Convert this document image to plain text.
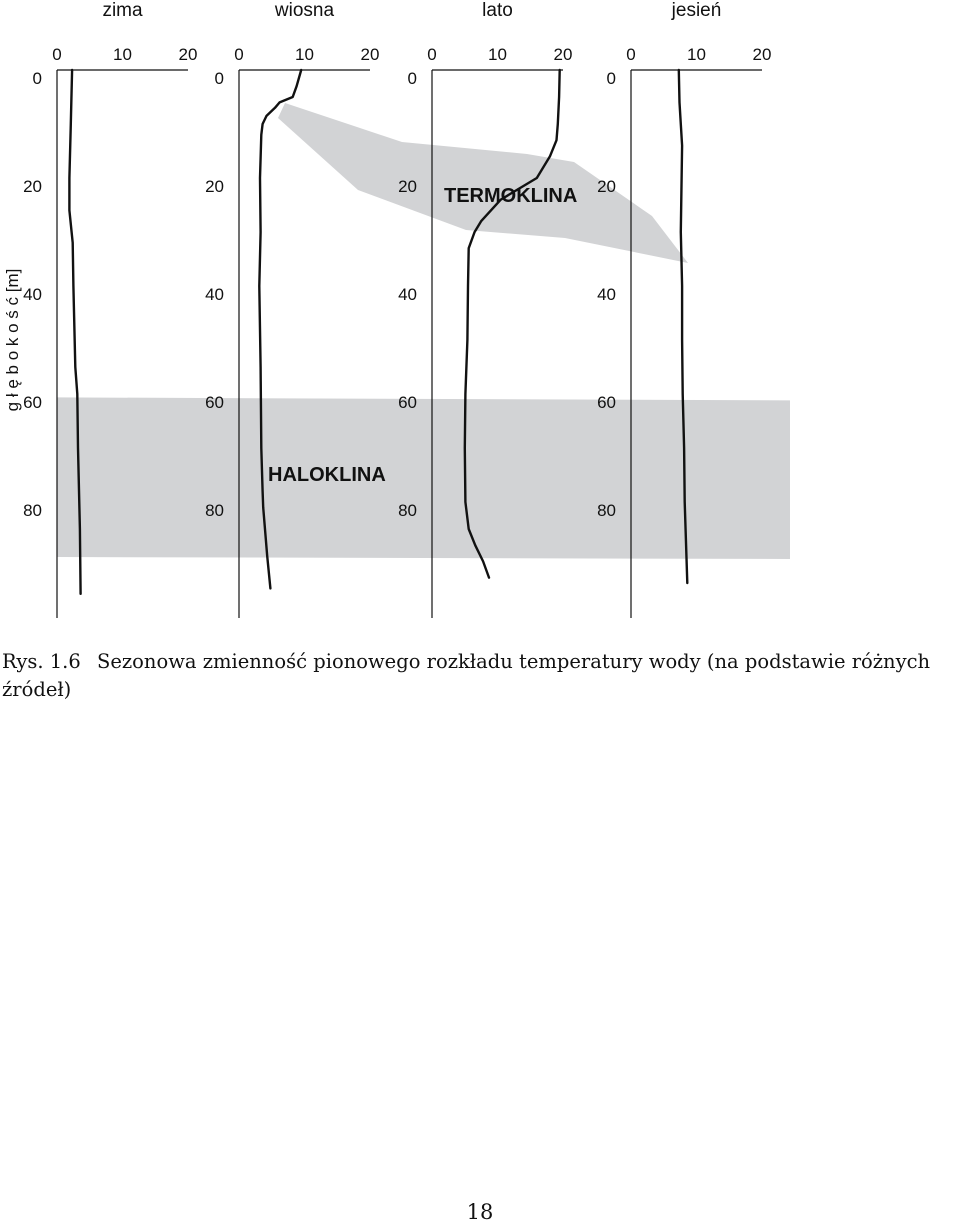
zima
0	10	20
0
20
40
60
80
wiosna
0	10	20
0
20
40
60
80
lato
0	10	20
0
20
40
60
80
jesień
0	10	20
0
20
40
60
80
g ł ę b o k o ś ć [m]
TERMOKLINA
HALOKLINA
Rys. 1.6 Sezonowa zmienność pionowego rozkładu temperatury wody (na podstawie różnych źródeł)
18
